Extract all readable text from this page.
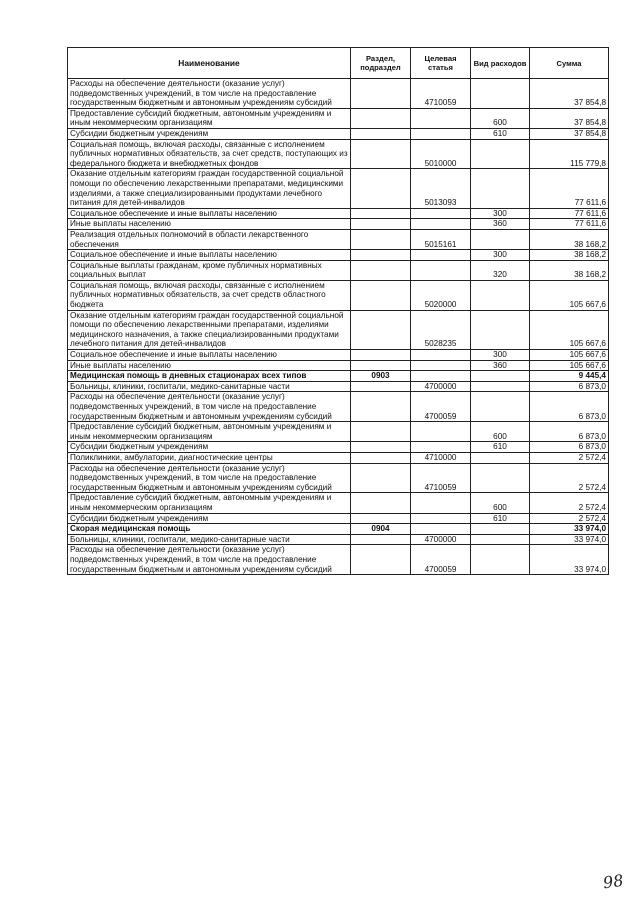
Наименование	Раздел, подраздел	Целевая статья	Вид расходов	Сумма
Расходы на обеспечение деятельности (оказание услуг) подведомственных учреждений, в том числе на предоставление государственным бюджетным и автономным учреждениям субсидий		4710059		37 854,8
Предоставление субсидий бюджетным, автономным учреждениям и иным некоммерческим организациям			600	37 854,8
Субсидии бюджетным учреждениям			610	37 854,8
Социальная помощь, включая расходы, связанные с исполнением публичных нормативных обязательств, за счет средств, поступающих из федерального бюджета и внебюджетных фондов		5010000		115 779,8
Оказание отдельным категориям граждан государственной социальной помощи по обеспечению лекарственными препаратами, медицинскими изделиями, а также специализированными продуктами лечебного питания для детей-инвалидов		5013093		77 611,6
Социальное обеспечение и иные выплаты населению			300	77 611,6
Иные выплаты населению			360	77 611,6
Реализация отдельных полномочий в области лекарственного обеспечения		5015161		38 168,2
Социальное обеспечение и иные выплаты населению			300	38 168,2
Социальные выплаты гражданам, кроме публичных нормативных социальных выплат			320	38 168,2
Социальная помощь, включая расходы, связанные с исполнением публичных нормативных обязательств, за счет средств областного бюджета		5020000		105 667,6
Оказание отдельным категориям граждан государственной социальной помощи по обеспечению лекарственными препаратами, изделиями медицинского назначения, а также специализированными продуктами лечебного питания для детей-инвалидов		5028235		105 667,6
Социальное обеспечение и иные выплаты населению			300	105 667,6
Иные выплаты населению			360	105 667,6
Медицинская помощь в дневных стационарах всех типов	0903			9 445,4
Больницы, клиники, госпитали, медико-санитарные части		4700000		6 873,0
Расходы на обеспечение деятельности (оказание услуг) подведомственных учреждений, в том числе на предоставление государственным бюджетным и автономным учреждениям субсидий		4700059		6 873,0
Предоставление субсидий бюджетным, автономным учреждениям и иным некоммерческим организациям			600	6 873,0
Субсидии бюджетным учреждениям			610	6 873,0
Поликлиники, амбулатории, диагностические центры		4710000		2 572,4
Расходы на обеспечение деятельности (оказание услуг) подведомственных учреждений, в том числе на предоставление государственным бюджетным и автономным учреждениям субсидий		4710059		2 572,4
Предоставление субсидий бюджетным, автономным учреждениям и иным некоммерческим организациям			600	2 572,4
Субсидии бюджетным учреждениям			610	2 572,4
Скорая медицинская помощь	0904			33 974,0
Больницы, клиники, госпитали, медико-санитарные части		4700000		33 974,0
Расходы на обеспечение деятельности (оказание услуг) подведомственных учреждений, в том числе на предоставление государственным бюджетным и автономным учреждениям субсидий		4700059		33 974,0
98
